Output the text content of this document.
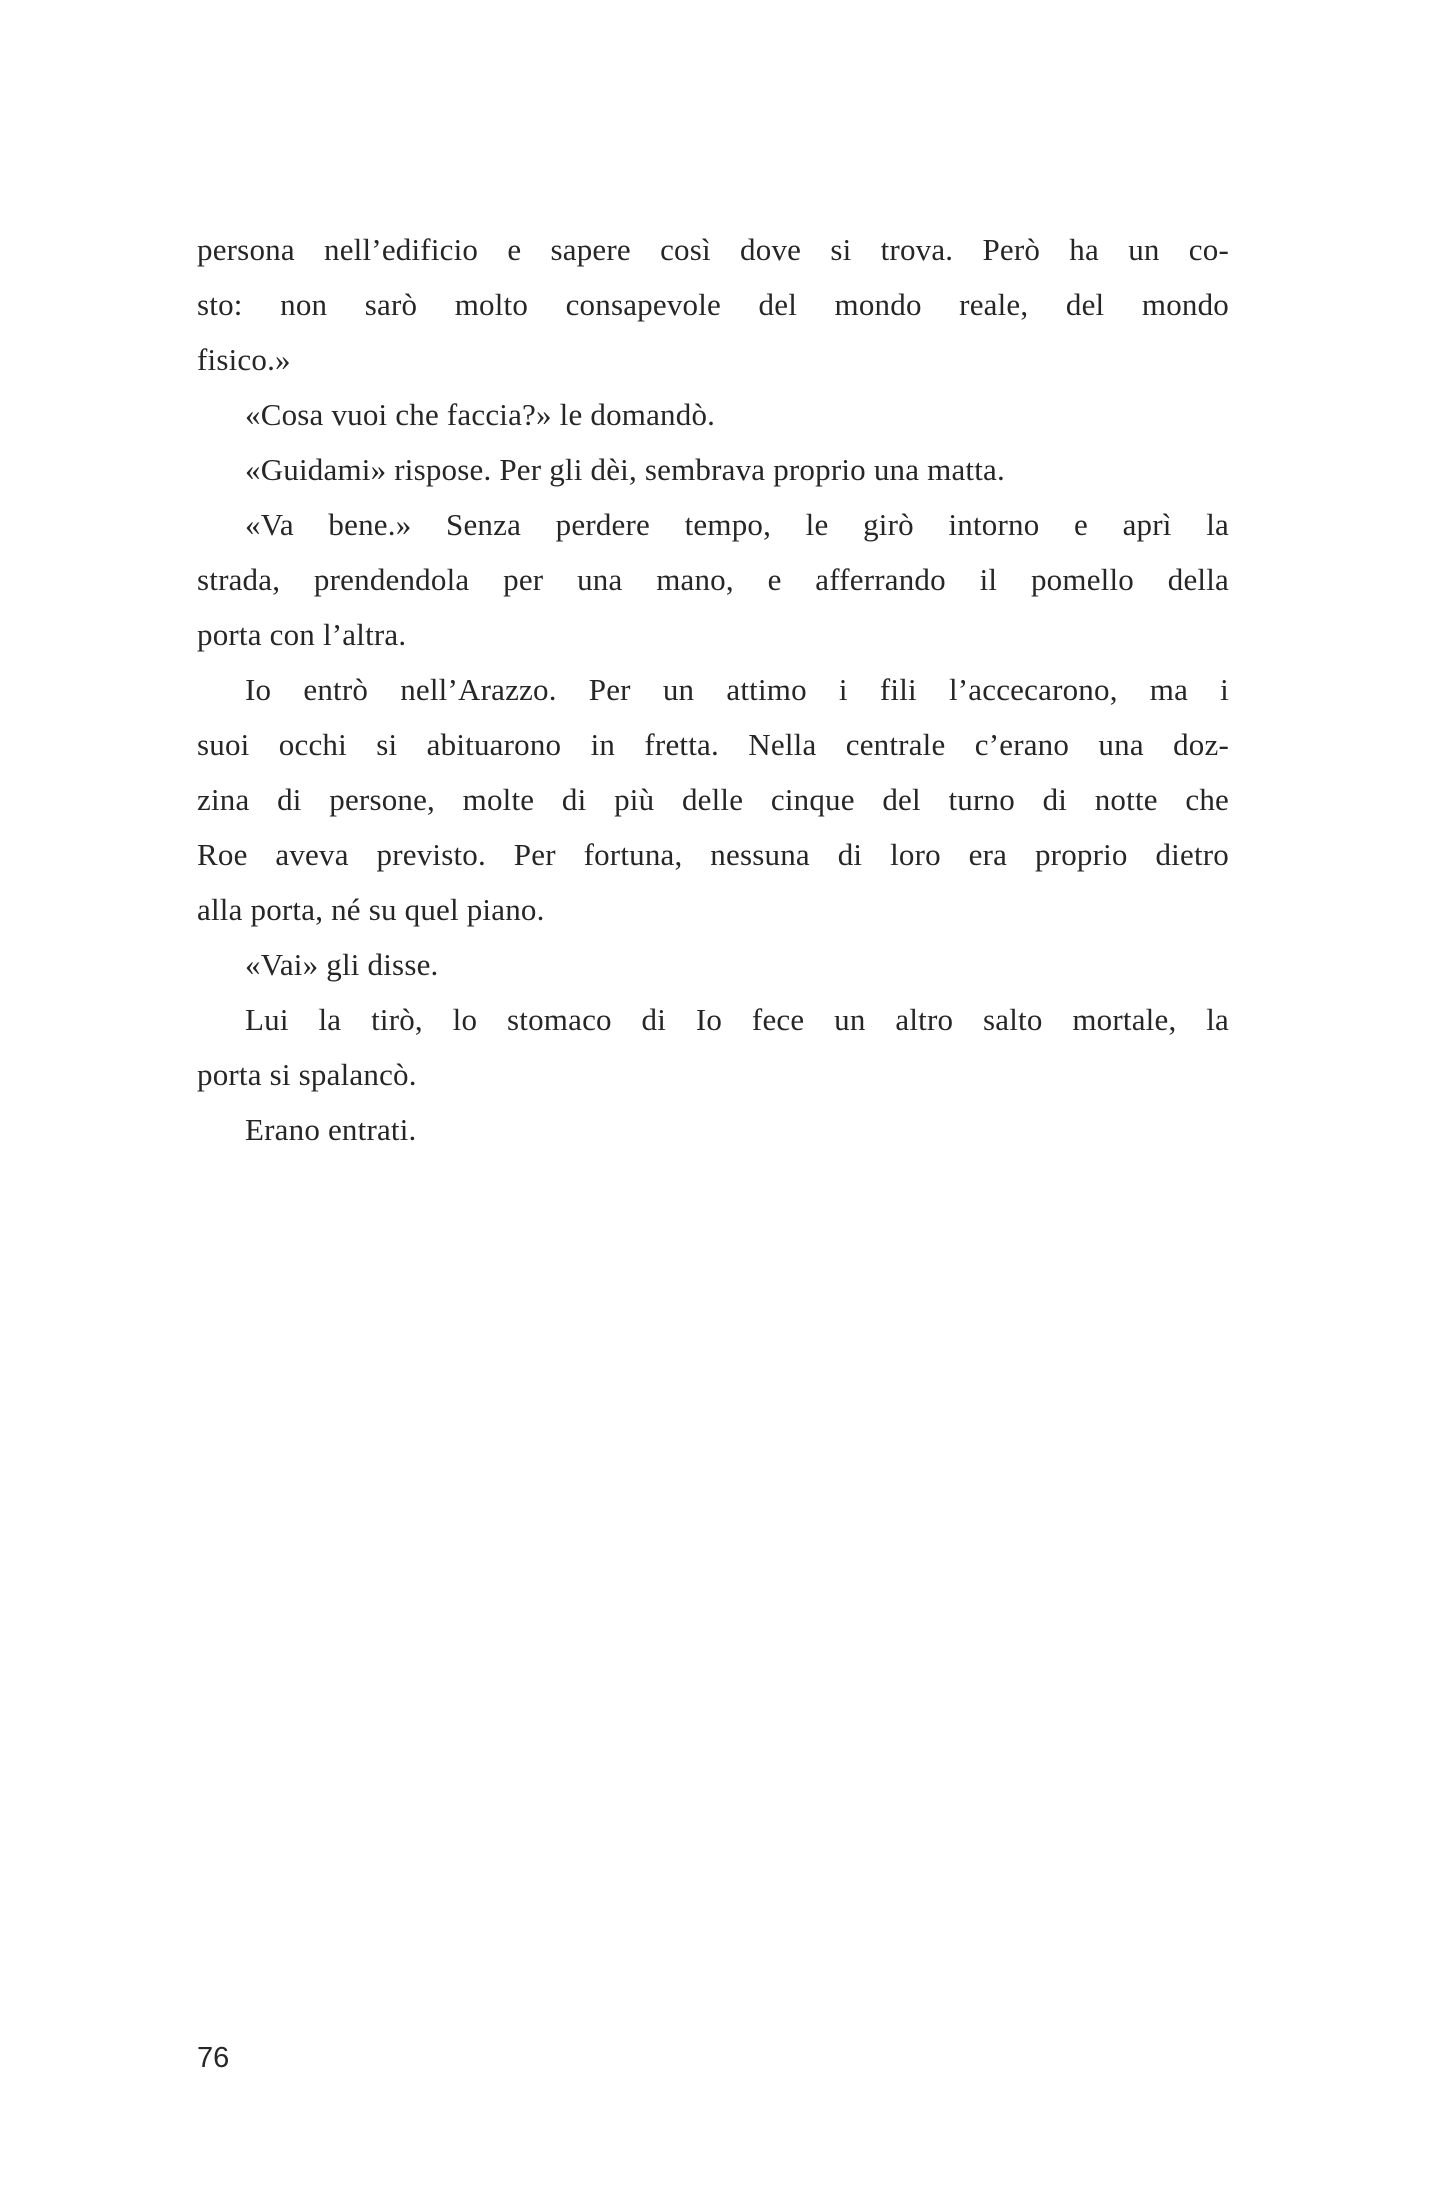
persona nell’edificio e sapere così dove si trova. Però ha un co-
sto: non sarò molto consapevole del mondo reale, del mondo
fisico.»
«Cosa vuoi che faccia?» le domandò.
«Guidami» rispose. Per gli dèi, sembrava proprio una matta.
«Va bene.» Senza perdere tempo, le girò intorno e aprì la
strada, prendendola per una mano, e afferrando il pomello della
porta con l’altra.
Io entrò nell’Arazzo. Per un attimo i fili l’accecarono, ma i
suoi occhi si abituarono in fretta. Nella centrale c’erano una doz-
zina di persone, molte di più delle cinque del turno di notte che
Roe aveva previsto. Per fortuna, nessuna di loro era proprio dietro
alla porta, né su quel piano.
«Vai» gli disse.
Lui la tirò, lo stomaco di Io fece un altro salto mortale, la
porta si spalancò.
Erano entrati.
76
